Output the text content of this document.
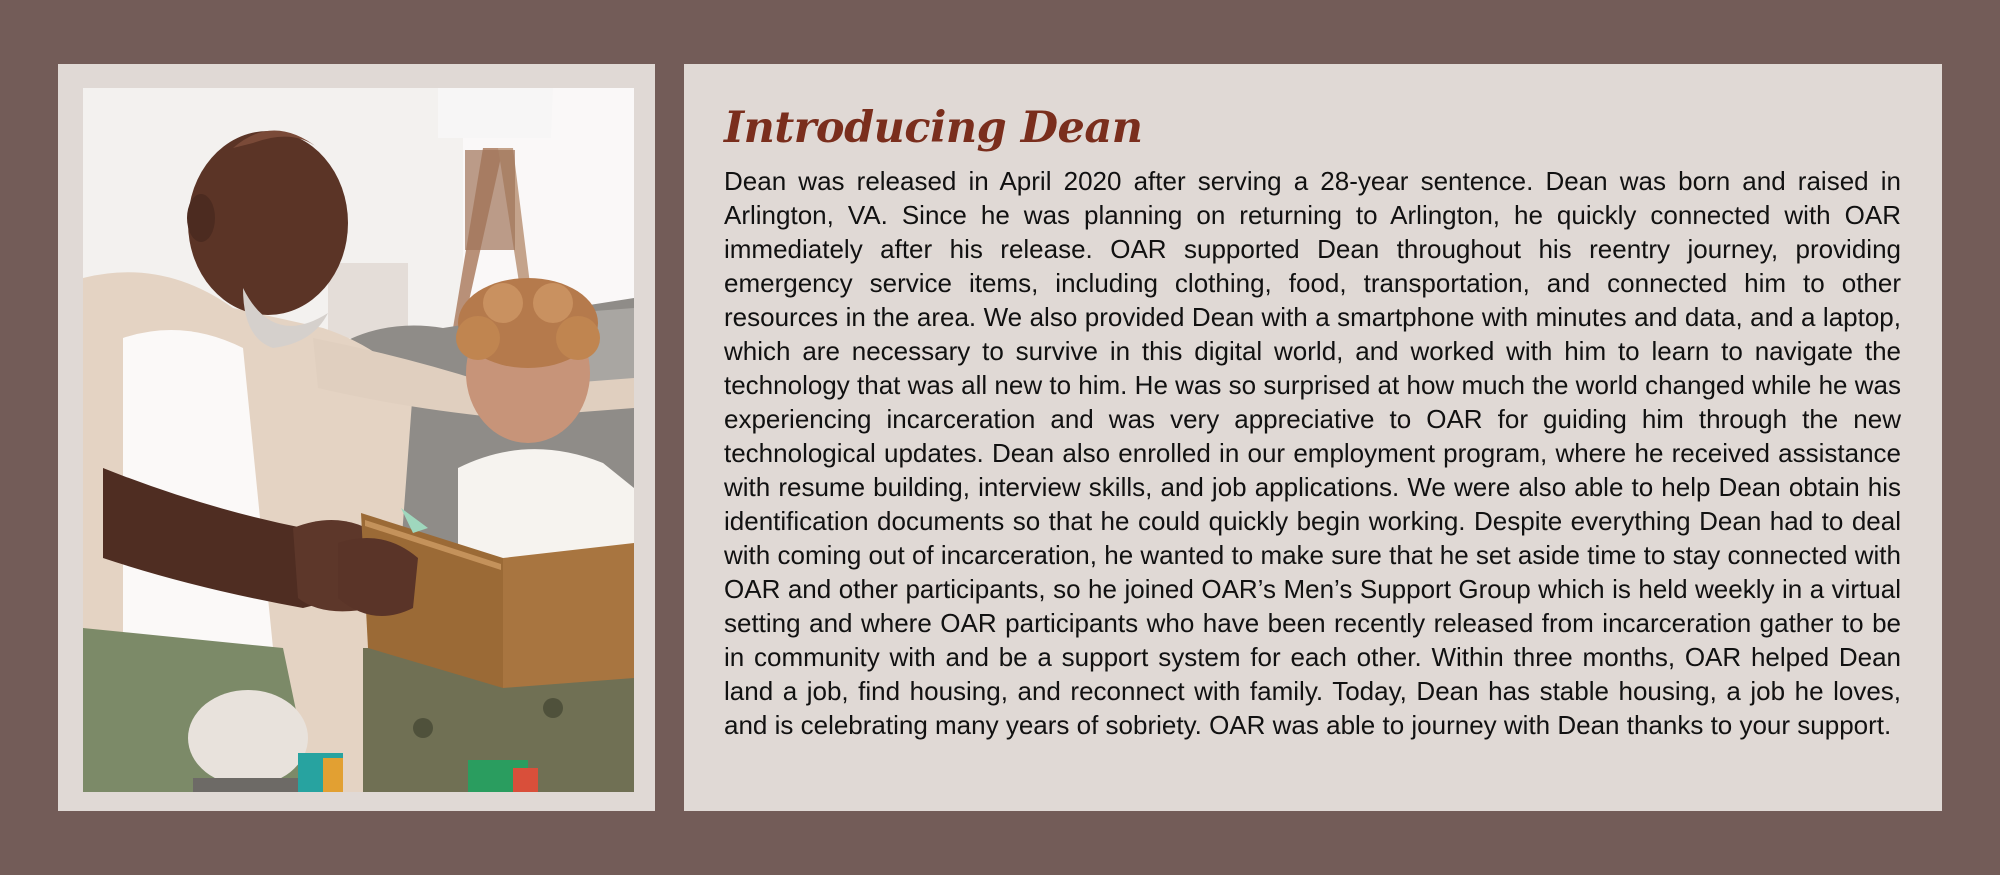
Introducing Dean

Dean was released in April 2020 after serving a 28-year sentence. Dean was born and raised in Arlington, VA. Since he was planning on returning to Arlington, he quickly connected with OAR immediately after his release. OAR supported Dean throughout his reentry journey, providing emergency service items, including clothing, food, transportation, and connected him to other resources in the area. We also provided Dean with a smartphone with minutes and data, and a laptop, which are necessary to survive in this digital world, and worked with him to learn to navigate the technology that was all new to him. He was so surprised at how much the world changed while he was experiencing incarceration and was very appreciative to OAR for guiding him through the new technological updates. Dean also enrolled in our employment program, where he received assistance with resume building, interview skills, and job applications. We were also able to help Dean obtain his identification documents so that he could quickly begin working. Despite everything Dean had to deal with coming out of incarceration, he wanted to make sure that he set aside time to stay connected with OAR and other participants, so he joined OAR’s Men’s Support Group which is held weekly in a virtual setting and where OAR participants who have been recently released from incarceration gather to be in community with and be a support system for each other. Within three months, OAR helped Dean land a job, find housing, and reconnect with family. Today, Dean has stable housing, a job he loves, and is celebrating many years of sobriety. OAR was able to journey with Dean thanks to your support.
